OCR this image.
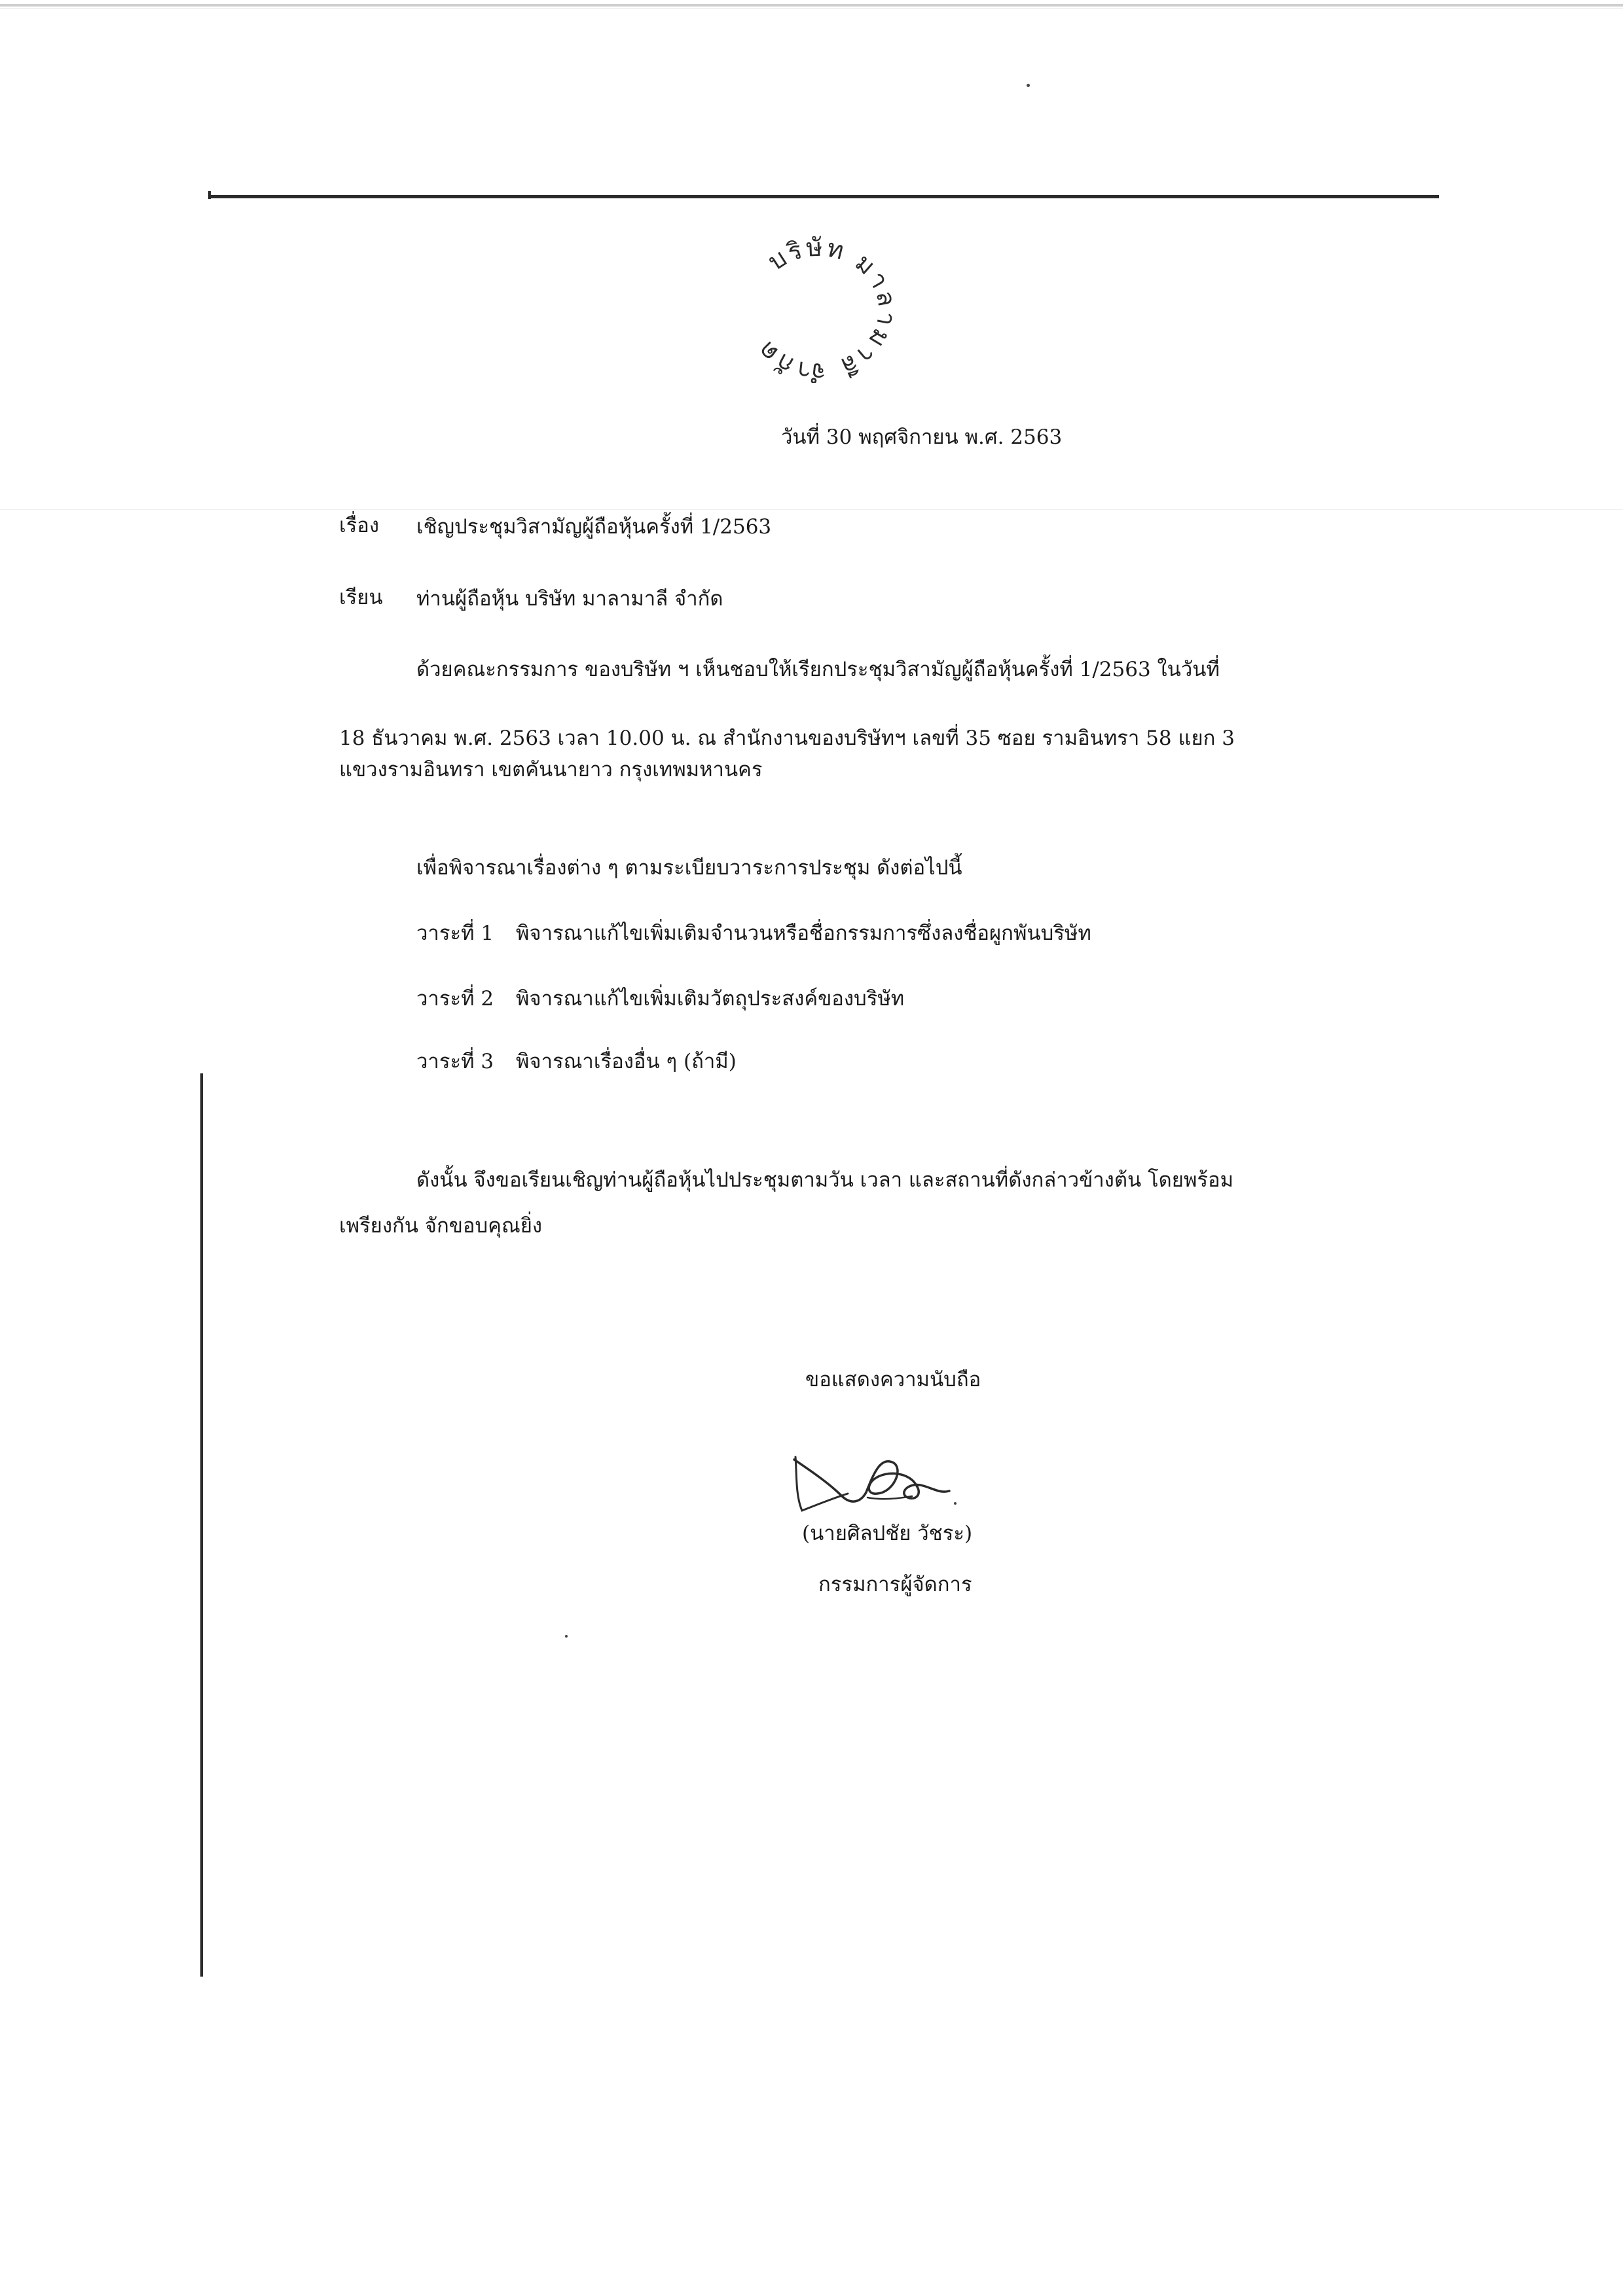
บริษัท มาลามาลี จำกัด
วันที่ 30 พฤศจิกายน พ.ศ. 2563
เรื่อง เชิญประชุมวิสามัญผู้ถือหุ้นครั้งที่ 1/2563
เรียน ท่านผู้ถือหุ้น บริษัท มาลามาลี จำกัด
ด้วยคณะกรรมการ ของบริษัท ฯ เห็นชอบให้เรียกประชุมวิสามัญผู้ถือหุ้นครั้งที่ 1/2563 ในวันที่
18 ธันวาคม พ.ศ. 2563 เวลา 10.00 น. ณ สำนักงานของบริษัทฯ เลขที่ 35 ซอย รามอินทรา 58 แยก 3
แขวงรามอินทรา เขตคันนายาว กรุงเทพมหานคร
เพื่อพิจารณาเรื่องต่าง ๆ ตามระเบียบวาระการประชุม ดังต่อไปนี้
วาระที่ 1 พิจารณาแก้ไขเพิ่มเติมจำนวนหรือชื่อกรรมการซึ่งลงชื่อผูกพันบริษัท
วาระที่ 2 พิจารณาแก้ไขเพิ่มเติมวัตถุประสงค์ของบริษัท
วาระที่ 3 พิจารณาเรื่องอื่น ๆ (ถ้ามี)
ดังนั้น จึงขอเรียนเชิญท่านผู้ถือหุ้นไปประชุมตามวัน เวลา และสถานที่ดังกล่าวข้างต้น โดยพร้อม
เพรียงกัน จักขอบคุณยิ่ง
ขอแสดงความนับถือ
(นายศิลปชัย วัชระ)
กรรมการผู้จัดการ
